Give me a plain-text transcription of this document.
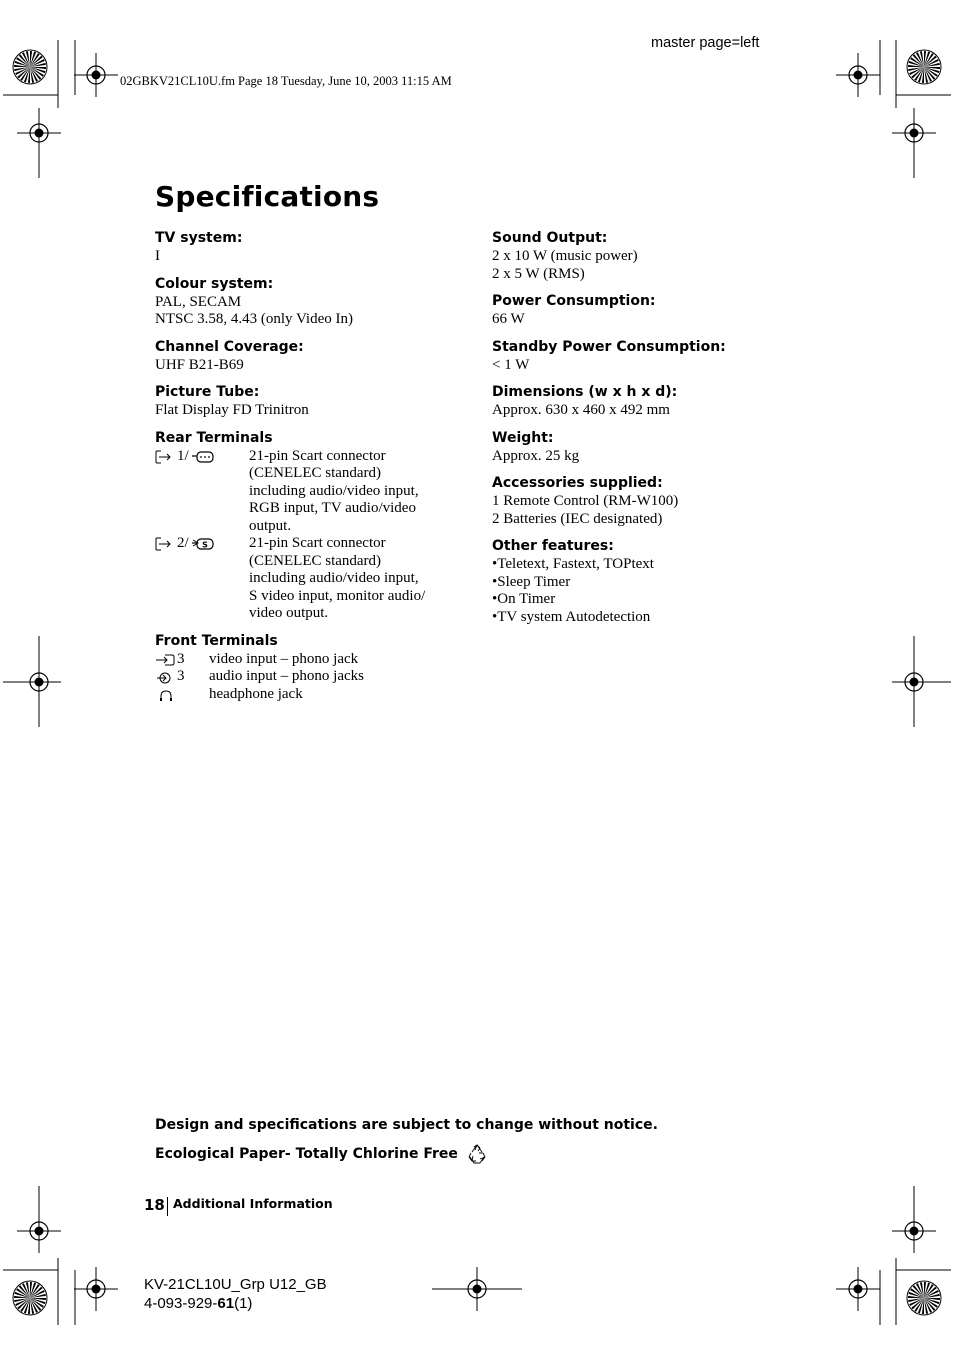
master page=left
02GBKV21CL10U.fm Page 18 Tuesday, June 10, 2003 11:15 AM
Specifications
TV system:
I
Colour system:
PAL, SECAM
NTSC 3.58, 4.43 (only Video In)
Channel Coverage:
UHF B21-B69
Picture Tube:
Flat Display FD Trinitron
Rear Terminals
1/	21-pin Scart connector
(CENELEC standard)
including audio/video input,
RGB input, TV audio/video
output.
2/ S	21-pin Scart connector
(CENELEC standard)
including audio/video input,
S video input, monitor audio/
video output.
Front Terminals
3 video input – phono jack
3 audio input – phono jacks
headphone jack
Sound Output:
2 x 10 W (music power)
2 x 5 W (RMS)
Power Consumption:
66 W
Standby Power Consumption:
< 1 W
Dimensions (w x h x d):
Approx. 630 x 460 x 492 mm
Weight:
Approx. 25 kg
Accessories supplied:
1 Remote Control (RM-W100)
2 Batteries (IEC designated)
Other features:
•Teletext, Fastext, TOPtext
•Sleep Timer
•On Timer
•TV system Autodetection
Design and specifications are subject to change without notice.
Ecological Paper- Totally Chlorine Free
18 Additional Information
KV-21CL10U_Grp U12_GB
4-093-929-61(1)
